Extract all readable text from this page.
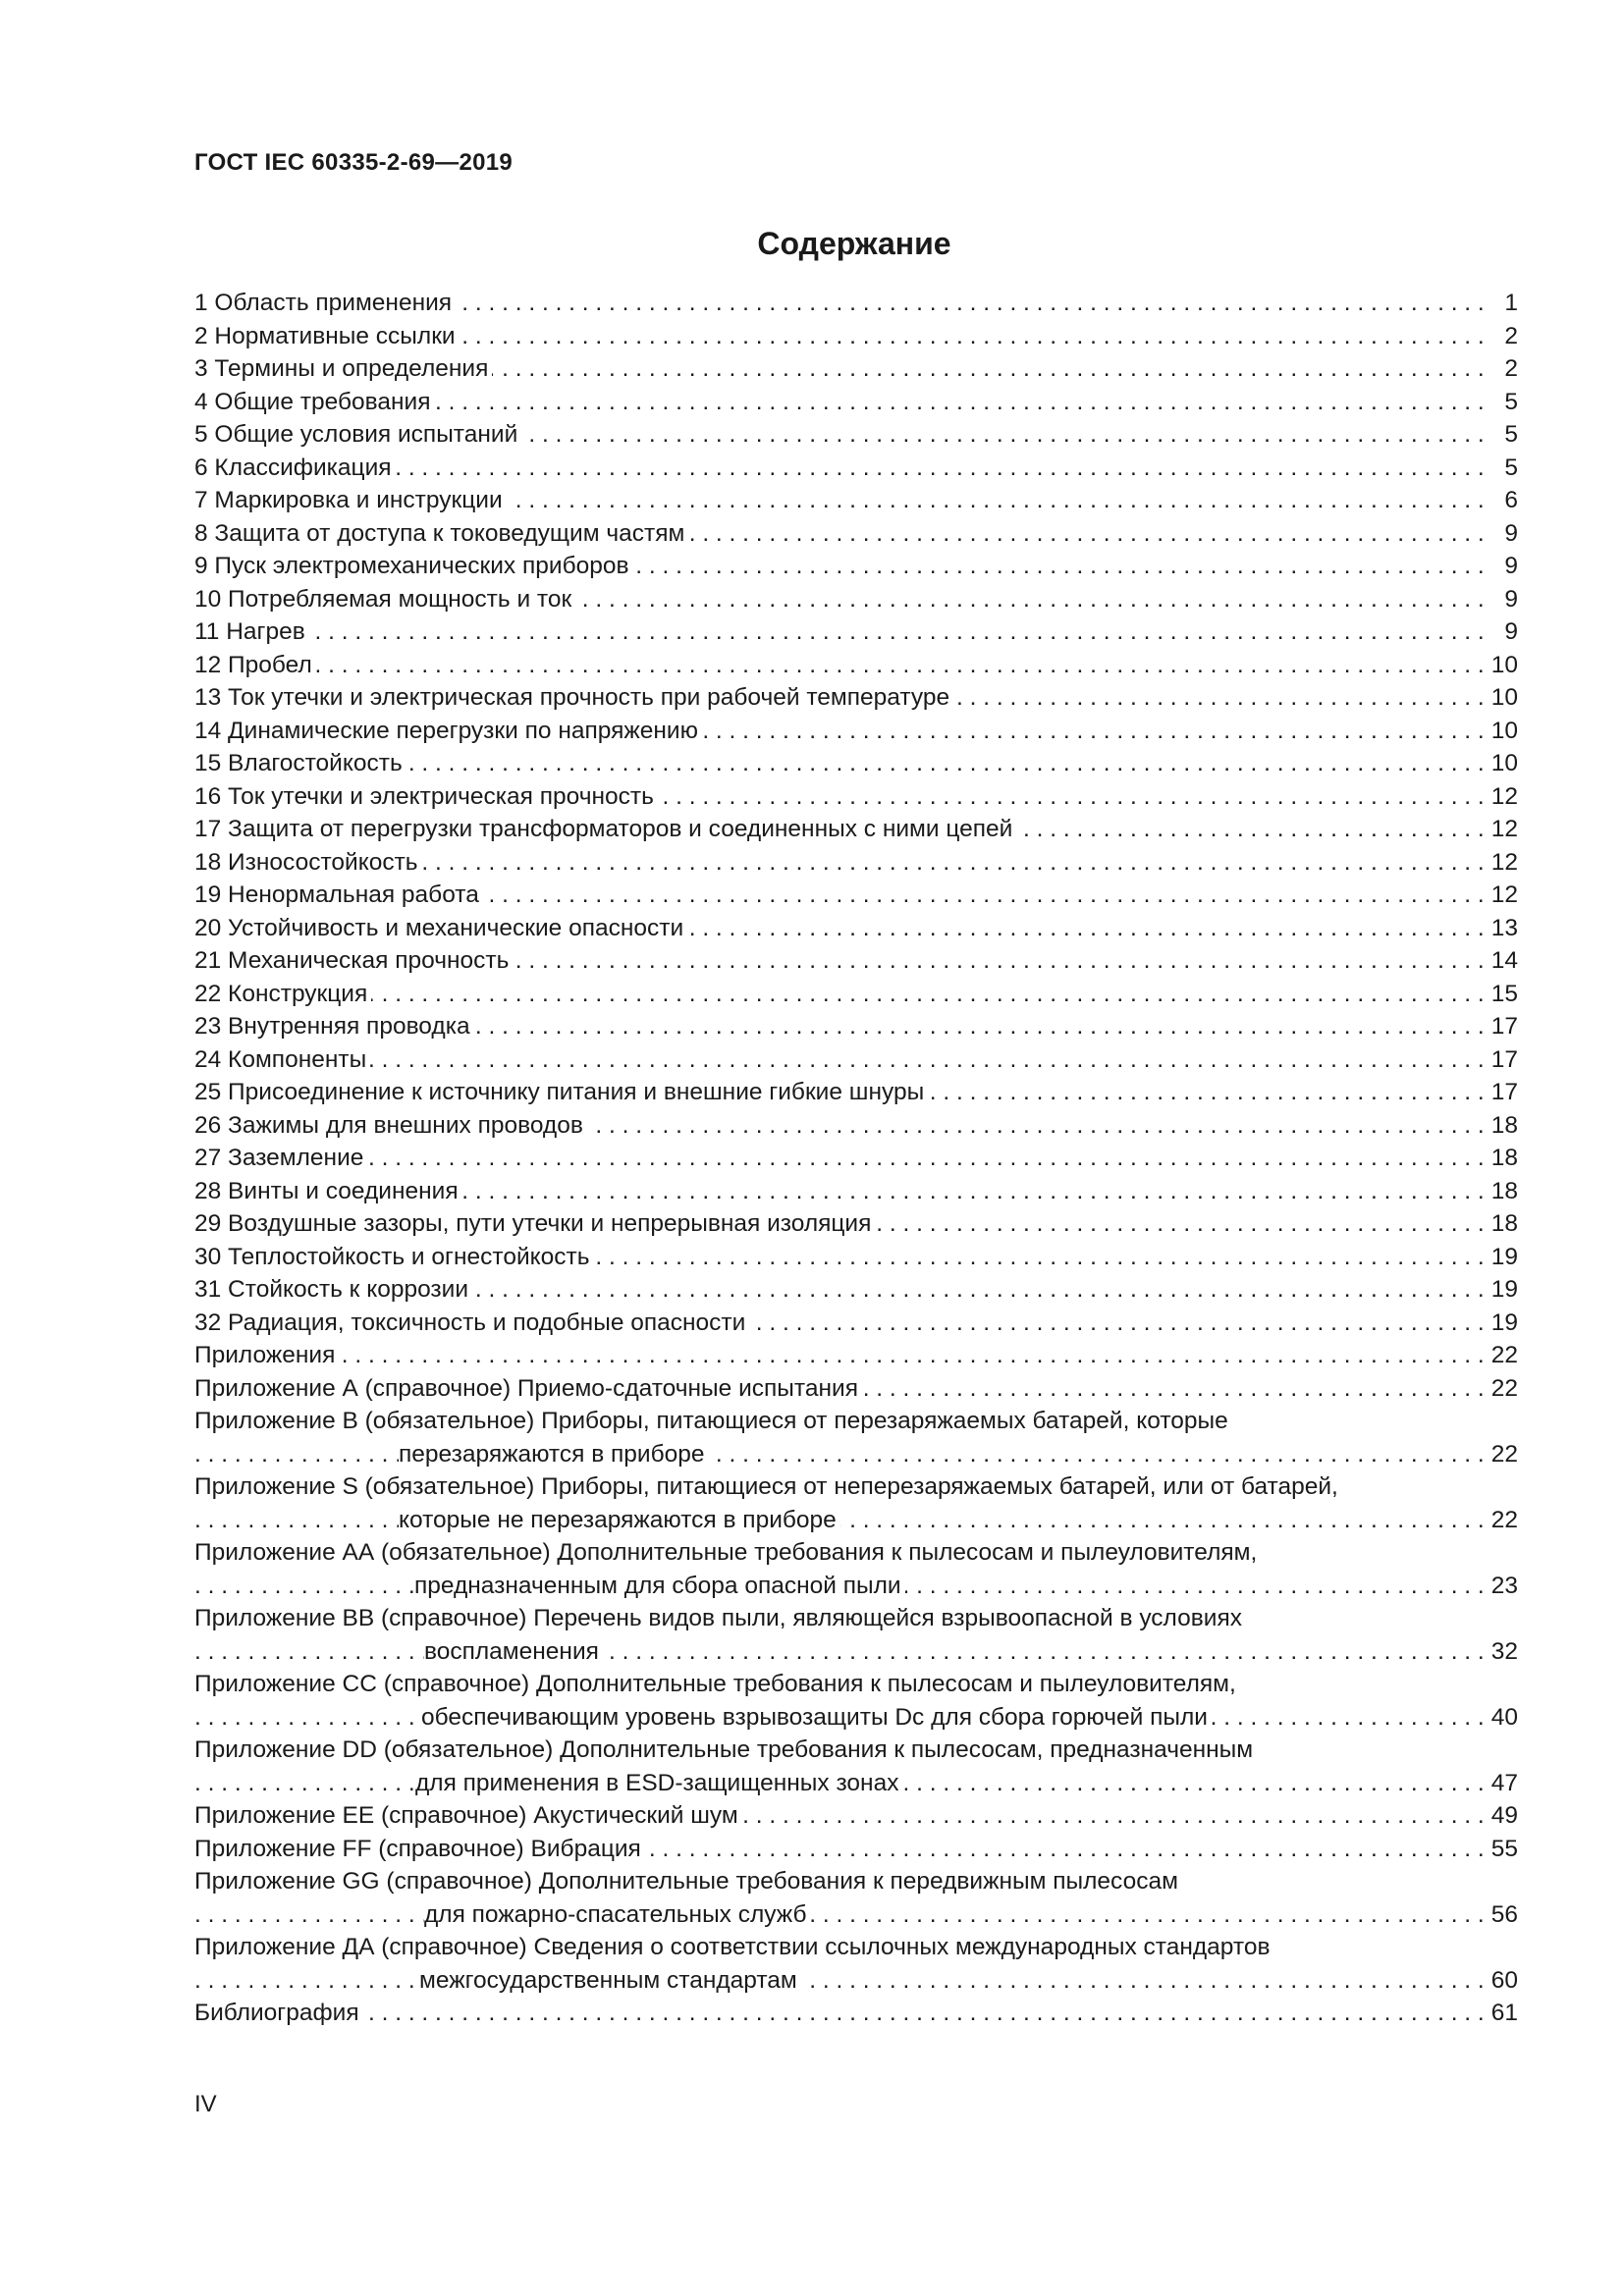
ГОСТ IEC 60335-2-69—2019
Содержание
. . .
1 Область применения	1
. . .
2 Нормативные ссылки	2
. . .
3 Термины и определения	2
. . .
4 Общие требования	5
. . .
5 Общие условия испытаний	5
. . .
6 Классификация	5
. . .
7 Маркировка и инструкции	6
. . .
8 Защита от доступа к токоведущим частям	9
. . .
9 Пуск электромеханических приборов	9
. . .
10 Потребляемая мощность и ток	9
. . .
11 Нагрев	9
. . .
12 Пробел	10
. . .
13 Ток утечки и электрическая прочность при рабочей температуре	10
. . .
14 Динамические перегрузки по напряжению	10
. . .
15 Влагостойкость	10
. . .
16 Ток утечки и электрическая прочность	12
. . .
17 Защита от перегрузки трансформаторов и соединенных с ними цепей	12
. . .
18 Износостойкость	12
. . .
19 Ненормальная работа	12
. . .
20 Устойчивость и механические опасности	13
. . .
21 Механическая прочность	14
. . .
22 Конструкция	15
. . .
23 Внутренняя проводка	17
. . .
24 Компоненты	17
. . .
25 Присоединение к источнику питания и внешние гибкие шнуры	17
. . .
26 Зажимы для внешних проводов	18
. . .
27 Заземление	18
. . .
28 Винты и соединения	18
. . .
29 Воздушные зазоры, пути утечки и непрерывная изоляция	18
. . .
30 Теплостойкость и огнестойкость	19
. . .
31 Стойкость к коррозии	19
. . .
32 Радиация, токсичность и подобные опасности	19
. . .
Приложения	22
. . .
Приложение А (справочное) Приемо-сдаточные испытания	22
Приложение В (обязательное) Приборы, питающиеся от перезаряжаемых батарей, которые
. . .
перезаряжаются в приборе	22
Приложение S (обязательное) Приборы, питающиеся от неперезаряжаемых батарей, или от батарей,
. . .
которые не перезаряжаются в приборе	22
Приложение АА (обязательное) Дополнительные требования к пылесосам и пылеуловителям,
. . .
предназначенным для сбора опасной пыли	23
Приложение ВВ (справочное) Перечень видов пыли, являющейся взрывоопасной в условиях
. . .
воспламенения	32
Приложение СС (справочное) Дополнительные требования к пылесосам и пылеуловителям,
. . .
обеспечивающим уровень взрывозащиты Dc для сбора горючей пыли	40
Приложение DD (обязательное) Дополнительные требования к пылесосам, предназначенным
. . .
для применения в ESD-защищенных зонах	47
. . .
Приложение ЕЕ (справочное) Акустический шум	49
. . .
Приложение FF (справочное) Вибрация	55
Приложение GG (справочное) Дополнительные требования к передвижным пылесосам
. . .
для пожарно-спасательных служб	56
Приложение ДА (справочное) Сведения о соответствии ссылочных международных стандартов
. . .
межгосударственным стандартам	60
. . .
Библиография	61
IV
